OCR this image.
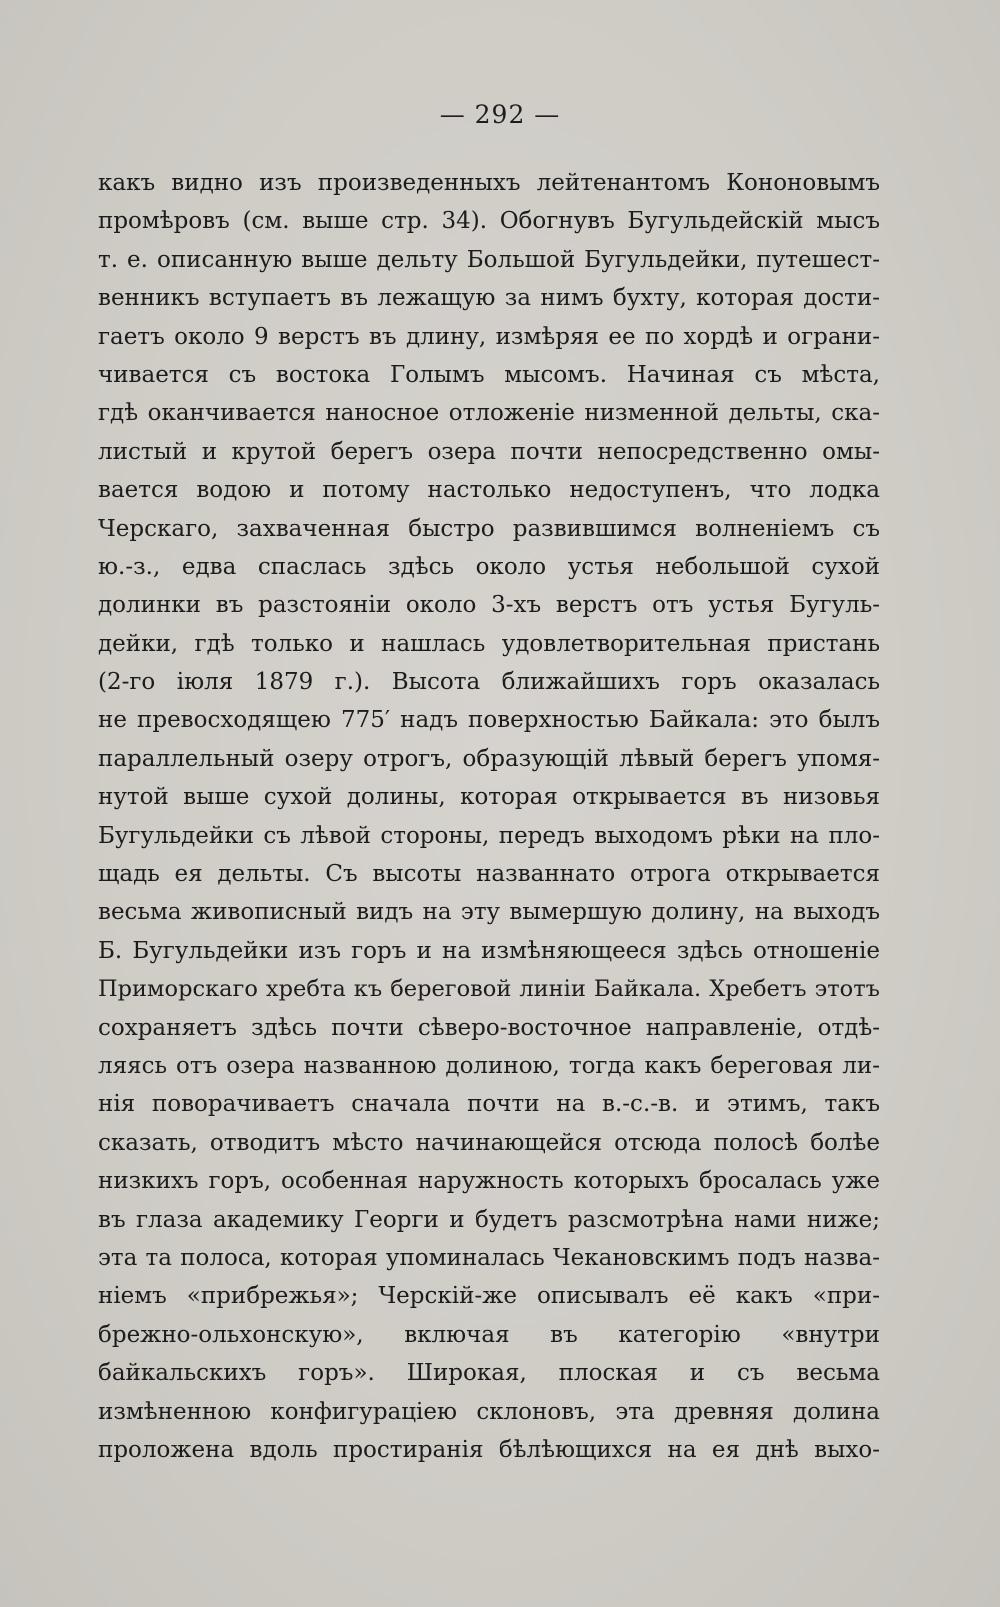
— 292 —
какъ видно изъ произведенныхъ лейтенантомъ Кононовымъ
промѣровъ (см. выше стр. 34). Обогнувъ Бугульдейскій мысъ
т. е. описанную выше дельту Большой Бугульдейки, путешест-
венникъ вступаетъ въ лежащую за нимъ бухту, которая дости-
гаетъ около 9 верстъ въ длину, измѣряя ее по хордѣ и ограни-
чивается съ востока Голымъ мысомъ. Начиная съ мѣста,
гдѣ оканчивается наносное отложеніе низменной дельты, ска-
листый и крутой берегъ озера почти непосредственно омы-
вается водою и потому настолько недоступенъ, что лодка
Черскаго, захваченная быстро развившимся волненіемъ съ
ю.-з., едва спаслась здѣсь около устья небольшой сухой
долинки въ разстояніи около 3-хъ верстъ отъ устья Бугуль-
дейки, гдѣ только и нашлась удовлетворительная пристань
(2-го іюля 1879 г.). Высота ближайшихъ горъ оказалась
не превосходящею 775′ надъ поверхностью Байкала: это былъ
параллельный озеру отрогъ, образующій лѣвый берегъ упомя-
нутой выше сухой долины, которая открывается въ низовья
Бугульдейки съ лѣвой стороны, передъ выходомъ рѣки на пло-
щадь ея дельты. Съ высоты названнато отрога открывается
весьма живописный видъ на эту вымершую долину, на выходъ
Б. Бугульдейки изъ горъ и на измѣняющееся здѣсь отношеніе
Приморскаго хребта къ береговой линіи Байкала. Хребетъ этотъ
сохраняетъ здѣсь почти сѣверо-восточное направленіе, отдѣ-
ляясь отъ озера названною долиною, тогда какъ береговая ли-
нія поворачиваетъ сначала почти на в.-с.-в. и этимъ, такъ
сказать, отводитъ мѣсто начинающейся отсюда полосѣ болѣе
низкихъ горъ, особенная наружность которыхъ бросалась уже
въ глаза академику Георги и будетъ разсмотрѣна нами ниже;
эта та полоса, которая упоминалась Чекановскимъ подъ назва-
ніемъ «прибрежья»; Черскій-же описывалъ её какъ «при-
брежно-ольхонскую», включая въ категорію «внутри
байкальскихъ горъ». Широкая, плоская и съ весьма
измѣненною конфигураціею склоновъ, эта древняя долина
проложена вдоль простиранія бѣлѣющихся на ея днѣ выхо-
